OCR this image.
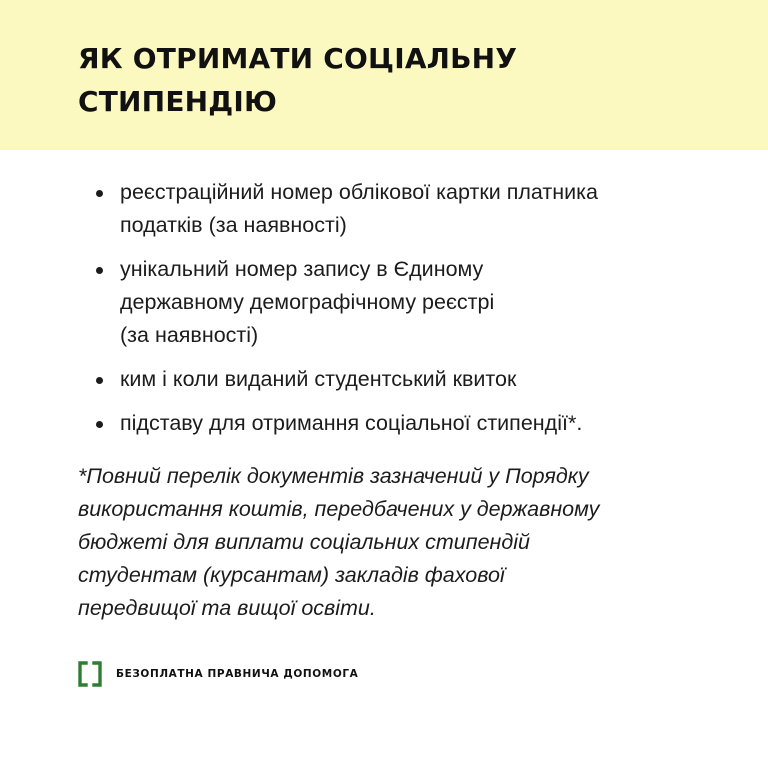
ЯК ОТРИМАТИ СОЦІАЛЬНУ
СТИПЕНДІЮ
реєстраційний номер облікової картки платника
податків (за наявності)
унікальний номер запису в Єдиному
державному демографічному реєстрі
(за наявності)
ким і коли виданий студентський квиток
підставу для отримання соціальної стипендії*.

*Повний перелік документів зазначений у Порядку
використання коштів, передбачених у державному
бюджеті для виплати соціальних стипендій
студентам (курсантам) закладів фахової
передвищої та вищої освіти.

БЕЗОПЛАТНА ПРАВНИЧА ДОПОМОГА
